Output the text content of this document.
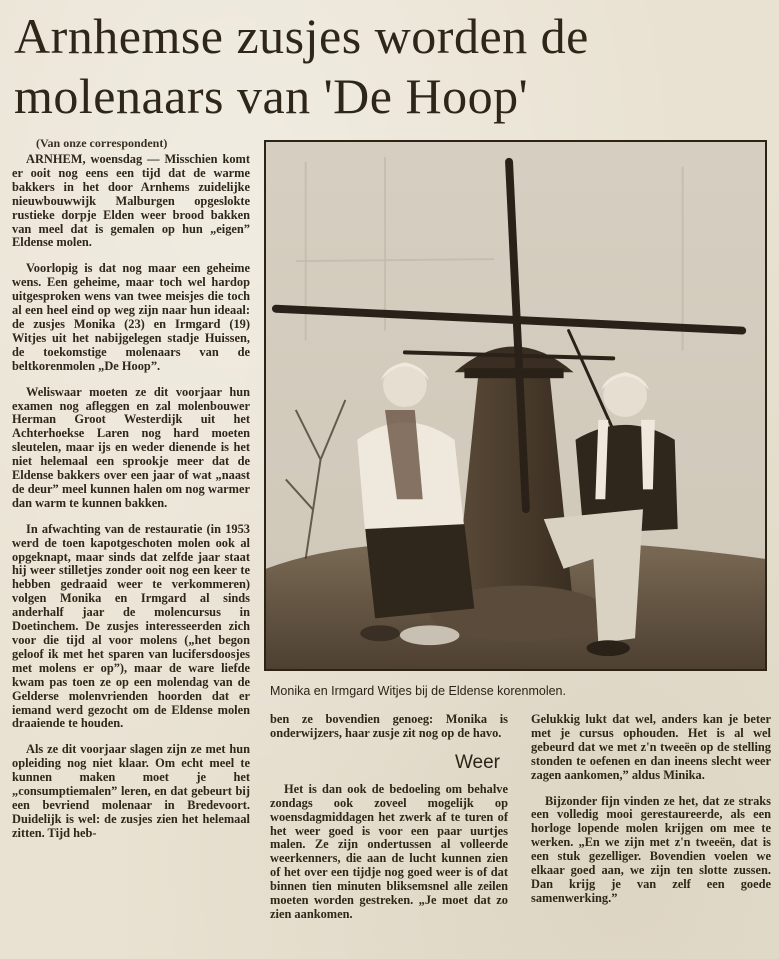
Arnhemse zusjes worden de
molenaars van 'De Hoop'
(Van onze correspondent)

ARNHEM, woensdag — Misschien komt er ooit nog eens een tijd dat de warme bakkers in het door Arnhems zuidelijke nieuwbouwwijk Malburgen opgeslokte rustieke dorpje Elden weer brood bakken van meel dat is gemalen op hun „eigen” Eldense molen.

Voorlopig is dat nog maar een geheime wens. Een geheime, maar toch wel hardop uitgesproken wens van twee meisjes die toch al een heel eind op weg zijn naar hun ideaal: de zusjes Monika (23) en Irmgard (19) Witjes uit het nabijgelegen stadje Huissen, de toekomstige molenaars van de beltkorenmolen „De Hoop”.

Weliswaar moeten ze dit voorjaar hun examen nog afleggen en zal molenbouwer Herman Groot Westerdijk uit het Achterhoekse Laren nog hard moeten sleutelen, maar ijs en weder dienende is het niet helemaal een sprookje meer dat de Eldense bakkers over een jaar of wat „naast de deur” meel kunnen halen om nog warmer dan warm te kunnen bakken.

In afwachting van de restauratie (in 1953 werd de toen kapotgeschoten molen ook al opgeknapt, maar sinds dat zelfde jaar staat hij weer stilletjes zonder ooit nog een keer te hebben gedraaid weer te verkommeren) volgen Monika en Irmgard al sinds anderhalf jaar de molencursus in Doetinchem. De zusjes interesseerden zich voor die tijd al voor molens („het begon geloof ik met het sparen van lucifersdoosjes met molens er op”), maar de ware liefde kwam pas toen ze op een molendag van de Gelderse molenvrienden hoorden dat er iemand werd gezocht om de Eldense molen draaiende te houden.

Als ze dit voorjaar slagen zijn ze met hun opleiding nog niet klaar. Om echt meel te kunnen maken moet je het „consumptiemalen” leren, en dat gebeurt bij een bevriend molenaar in Bredevoort. Duidelijk is wel: de zusjes zien het helemaal zitten. Tijd heb-

Monika en Irmgard Witjes bij de Eldense korenmolen.

ben ze bovendien genoeg: Monika is onderwijzers, haar zusje zit nog op de havo.

Weer

Het is dan ook de bedoeling om behalve zondags ook zoveel mogelijk op woensdagmiddagen het zwerk af te turen of het weer goed is voor een paar uurtjes malen. Ze zijn ondertussen al volleerde weerkenners, die aan de lucht kunnen zien of het over een tijdje nog goed weer is of dat binnen tien minuten bliksemsnel alle zeilen moeten worden gestreken. „Je moet dat zo zien aankomen.

Gelukkig lukt dat wel, anders kan je beter met je cursus ophouden. Het is al wel gebeurd dat we met z'n tweeën op de stelling stonden te oefenen en dan ineens slecht weer zagen aankomen,” aldus Minika.

Bijzonder fijn vinden ze het, dat ze straks een volledig mooi gerestaureerde, als een horloge lopende molen krijgen om mee te werken. „En we zijn met z'n tweeën, dat is een stuk gezelliger. Bovendien voelen we elkaar goed aan, we zijn ten slotte zussen. Dan krijg je van zelf een goede samenwerking.”
